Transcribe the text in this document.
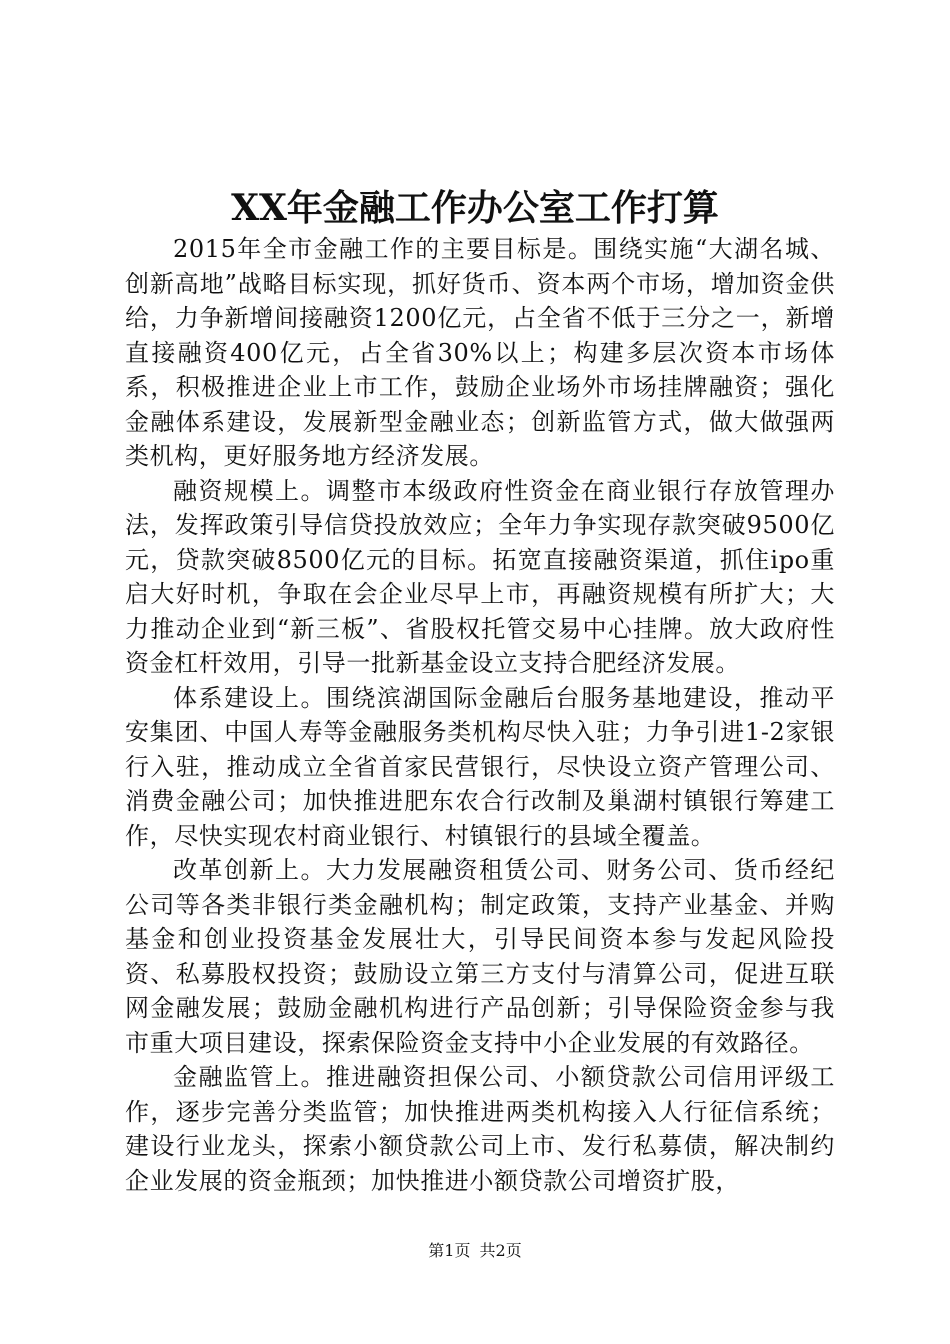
XX年金融工作办公室工作打算

2015年全市金融工作的主要目标是。围绕实施“大湖名城、创新高地”战略目标实现，抓好货币、资本两个市场，增加资金供给，力争新增间接融资1200亿元，占全省不低于三分之一，新增直接融资400亿元，占全省30%以上；构建多层次资本市场体系，积极推进企业上市工作，鼓励企业场外市场挂牌融资；强化金融体系建设，发展新型金融业态；创新监管方式，做大做强两类机构，更好服务地方经济发展。

融资规模上。调整市本级政府性资金在商业银行存放管理办法，发挥政策引导信贷投放效应；全年力争实现存款突破9500亿元，贷款突破8500亿元的目标。拓宽直接融资渠道，抓住ipo重启大好时机，争取在会企业尽早上市，再融资规模有所扩大；大力推动企业到“新三板”、省股权托管交易中心挂牌。放大政府性资金杠杆效用，引导一批新基金设立支持合肥经济发展。

体系建设上。围绕滨湖国际金融后台服务基地建设，推动平安集团、中国人寿等金融服务类机构尽快入驻；力争引进1-2家银行入驻，推动成立全省首家民营银行，尽快设立资产管理公司、消费金融公司；加快推进肥东农合行改制及巢湖村镇银行筹建工作，尽快实现农村商业银行、村镇银行的县域全覆盖。

改革创新上。大力发展融资租赁公司、财务公司、货币经纪公司等各类非银行类金融机构；制定政策，支持产业基金、并购基金和创业投资基金发展壮大，引导民间资本参与发起风险投资、私募股权投资；鼓励设立第三方支付与清算公司，促进互联网金融发展；鼓励金融机构进行产品创新；引导保险资金参与我市重大项目建设，探索保险资金支持中小企业发展的有效路径。

金融监管上。推进融资担保公司、小额贷款公司信用评级工作，逐步完善分类监管；加快推进两类机构接入人行征信系统；建设行业龙头，探索小额贷款公司上市、发行私募债，解决制约企业发展的资金瓶颈；加快推进小额贷款公司增资扩股，

第1页 共2页
